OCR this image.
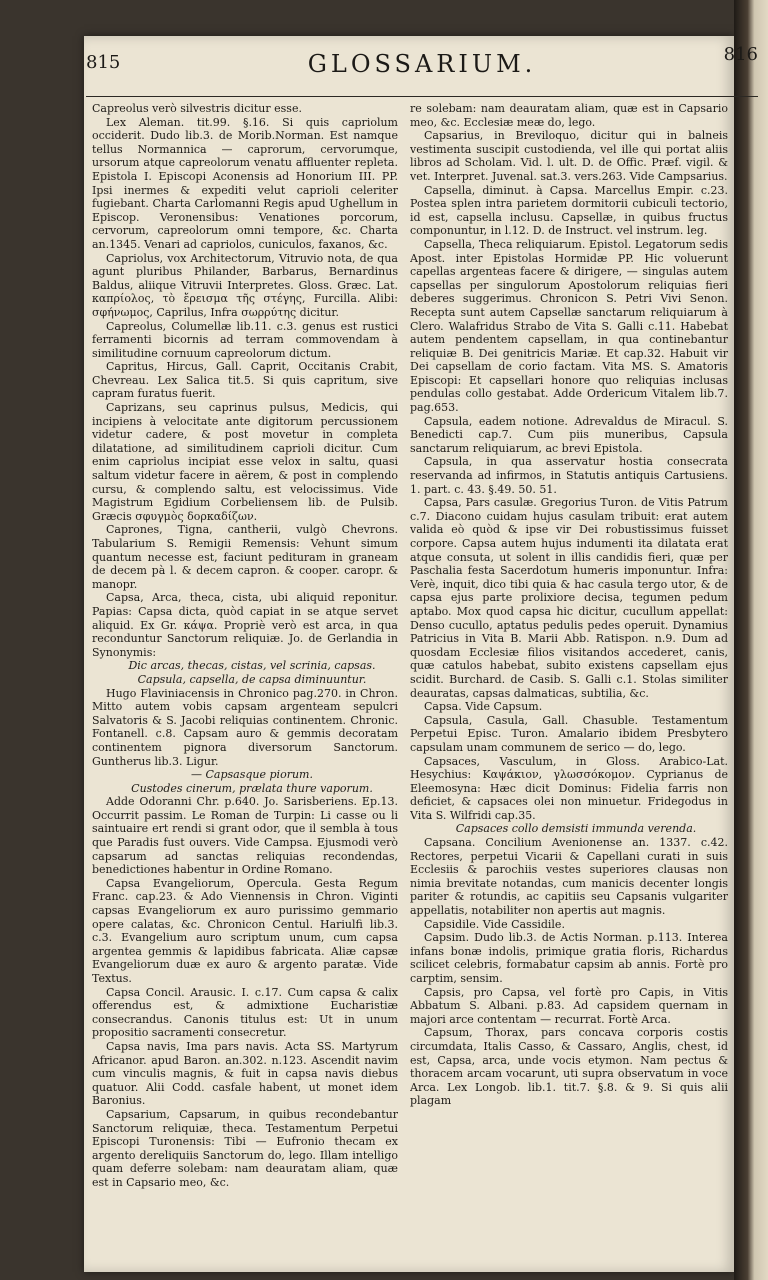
815	GLOSSARIUM.	816

Capreolus verò silvestris dicitur esse.

Lex Aleman. tit.99. §.16. Si quis capriolum occiderit. Dudo lib.3. de Morib.Norman. Est namque tellus Normannica — caprorum, cervorumque, ursorum atque capreolorum venatu affluenter repleta. Epistola I. Episcopi Aconensis ad Honorium III. PP. Ipsi inermes & expediti velut caprioli celeriter fugiebant. Charta Carlomanni Regis apud Ughellum in Episcop. Veronensibus: Venationes porcorum, cervorum, capreolorum omni tempore, &c. Charta an.1345. Venari ad capriolos, cuniculos, faxanos, &c.

Capriolus, vox Architectorum, Vitruvio nota, de qua agunt pluribus Philander, Barbarus, Bernardinus Baldus, aliique Vitruvii Interpretes. Gloss. Græc. Lat. καπρίολος, τὸ ἔρεισμα τῆς στέγης, Furcilla. Alibi: σφήνωμος, Caprilus, Infra σωρρύτης dicitur.

Capreolus, Columellæ lib.11. c.3. genus est rustici ferramenti bicornis ad terram commovendam à similitudine cornuum capreolorum dictum.

Capritus, Hircus, Gall. Caprit, Occitanis Crabit, Chevreau. Lex Salica tit.5. Si quis capritum, sive capram furatus fuerit.

Caprizans, seu caprinus pulsus, Medicis, qui incipiens à velocitate ante digitorum percussionem videtur cadere, & post movetur in completa dilatatione, ad similitudinem caprioli dicitur. Cum enim capriolus incipiat esse velox in saltu, quasi saltum videtur facere in aërem, & post in complendo cursu, & complendo saltu, est velocissimus. Vide Magistrum Egidium Corbeliensem lib. de Pulsib. Græcis σφυγμὸς δορκαδίζων.

Caprones, Tigna, cantherii, vulgò Chevrons. Tabularium S. Remigii Remensis: Vehunt simum quantum necesse est, faciunt pedituram in graneam de decem pà l. & decem capron. & cooper. caropr. & manopr.

Capsa, Arca, theca, cista, ubi aliquid reponitur. Papias: Capsa dicta, quòd capiat in se atque servet aliquid. Ex Gr. κάψα. Propriè verò est arca, in qua reconduntur Sanctorum reliquiæ. Jo. de Gerlandia in Synonymis:

Dic arcas, thecas, cistas, vel scrinia, capsas.

Capsula, capsella, de capsa diminuuntur.

Hugo Flaviniacensis in Chronico pag.270. in Chron. Mitto autem vobis capsam argenteam sepulcri Salvatoris & S. Jacobi reliquias continentem. Chronic. Fontanell. c.8. Capsam auro & gemmis decoratam continentem pignora diversorum Sanctorum. Guntherus lib.3. Ligur.

— Capsasque piorum.

Custodes cinerum, prælata thure vaporum.

Adde Odoranni Chr. p.640. Jo. Sarisberiens. Ep.13. Occurrit passim. Le Roman de Turpin: Li casse ou li saintuaire ert rendi si grant odor, que il sembla à tous que Paradis fust ouvers. Vide Campsa. Ejusmodi verò capsarum ad sanctas reliquias recondendas, benedictiones habentur in Ordine Romano.

Capsa Evangeliorum, Opercula. Gesta Regum Franc. cap.23. & Ado Viennensis in Chron. Viginti capsas Evangeliorum ex auro purissimo gemmario opere calatas, &c. Chronicon Centul. Hariulfi lib.3. c.3. Evangelium auro scriptum unum, cum capsa argentea gemmis & lapidibus fabricata. Aliæ capsæ Evangeliorum duæ ex auro & argento paratæ. Vide Textus.

Capsa Concil. Arausic. I. c.17. Cum capsa & calix offerendus est, & admixtione Eucharistiæ consecrandus. Canonis titulus est: Ut in unum propositio sacramenti consecretur.

Capsa navis, Ima pars navis. Acta SS. Martyrum Africanor. apud Baron. an.302. n.123. Ascendit navim cum vinculis magnis, & fuit in capsa navis diebus quatuor. Alii Codd. casfale habent, ut monet idem Baronius.

Capsarium, Capsarum, in quibus recondebantur Sanctorum reliquiæ, theca. Testamentum Perpetui Episcopi Turonensis: Tibi — Eufronio thecam ex argento dereliquiis Sanctorum do, lego. Illam intelligo quam deferre solebam: nam deauratam aliam, quæ est in Capsario meo, &c.

re solebam: nam deauratam aliam, quæ est in Capsario meo, &c. Ecclesiæ meæ do, lego.

Capsarius, in Breviloquo, dicitur qui in balneis vestimenta suscipit custodienda, vel ille qui portat aliis libros ad Scholam. Vid. l. ult. D. de Offic. Præf. vigil. & vet. Interpret. Juvenal. sat.3. vers.263. Vide Campsarius.

Capsella, diminut. à Capsa. Marcellus Empir. c.23. Postea splen intra parietem dormitorii cubiculi tectorio, id est, capsella inclusu. Capsellæ, in quibus fructus componuntur, in l.12. D. de Instruct. vel instrum. leg.

Capsella, Theca reliquiarum. Epistol. Legatorum sedis Apost. inter Epistolas Hormidæ PP. Hic voluerunt capellas argenteas facere & dirigere, — singulas autem capsellas per singulorum Apostolorum reliquias fieri deberes suggerimus. Chronicon S. Petri Vivi Senon. Recepta sunt autem Capsellæ sanctarum reliquiarum à Clero. Walafridus Strabo de Vita S. Galli c.11. Habebat autem pendentem capsellam, in qua continebantur reliquiæ B. Dei genitricis Mariæ. Et cap.32. Habuit vir Dei capsellam de corio factam. Vita MS. S. Amatoris Episcopi: Et capsellari honore quo reliquias inclusas pendulas collo gestabat. Adde Ordericum Vitalem lib.7. pag.653.

Capsula, eadem notione. Adrevaldus de Miracul. S. Benedicti cap.7. Cum piis muneribus, Capsula sanctarum reliquiarum, ac brevi Epistola.

Capsula, in qua asservatur hostia consecrata reservanda ad infirmos, in Statutis antiquis Cartusiens. 1. part. c. 43. §.49. 50. 51.

Capsa, Pars casulæ. Gregorius Turon. de Vitis Patrum c.7. Diacono cuidam hujus casulam tribuit: erat autem valida eò quòd & ipse vir Dei robustissimus fuisset corpore. Capsa autem hujus indumenti ita dilatata erat atque consuta, ut solent in illis candidis fieri, quæ per Paschalia festa Sacerdotum humeris imponuntur. Infra: Verè, inquit, dico tibi quia & hac casula tergo utor, & de capsa ejus parte prolixiore decisa, tegumen pedum aptabo. Mox quod capsa hic dicitur, cucullum appellat: Denso cucullo, aptatus pedulis pedes operuit. Dynamius Patricius in Vita B. Marii Abb. Ratispon. n.9. Dum ad quosdam Ecclesiæ filios visitandos accederet, canis, quæ catulos habebat, subito existens capsellam ejus scidit. Burchard. de Casib. S. Galli c.1. Stolas similiter deauratas, capsas dalmaticas, subtilia, &c.

Capsa. Vide Capsum.

Capsula, Casula, Gall. Chasuble. Testamentum Perpetui Episc. Turon. Amalario ibidem Presbytero capsulam unam communem de serico — do, lego.

Capsaces, Vasculum, in Gloss. Arabico-Lat. Hesychius: Καψάκιον, γλωσσόκομον. Cyprianus de Eleemosyna: Hæc dicit Dominus: Fidelia farris non deficiet, & capsaces olei non minuetur. Fridegodus in Vita S. Wilfridi cap.35.

Capsaces collo demsisti immunda verenda.

Capsana. Concilium Avenionense an. 1337. c.42. Rectores, perpetui Vicarii & Capellani curati in suis Ecclesiis & parochiis vestes superiores clausas non nimia brevitate notandas, cum manicis decenter longis pariter & rotundis, ac capitiis seu Capsanis vulgariter appellatis, notabiliter non apertis aut magnis.

Capsidile. Vide Cassidile.

Capsim. Dudo lib.3. de Actis Norman. p.113. Interea infans bonæ indolis, primique gratia floris, Richardus scilicet celebris, formabatur capsim ab annis. Fortè pro carptim, sensim.

Capsis, pro Capsa, vel fortè pro Capis, in Vitis Abbatum S. Albani. p.83. Ad capsidem quernam in majori arce contentam — recurrat. Fortè Arca.

Capsum, Thorax, pars concava corporis costis circumdata, Italis Casso, & Cassaro, Anglis, chest, id est, Capsa, arca, unde vocis etymon. Nam pectus & thoracem arcam vocarunt, uti supra observatum in voce Arca. Lex Longob. lib.1. tit.7. §.8. & 9. Si quis alii plagam
